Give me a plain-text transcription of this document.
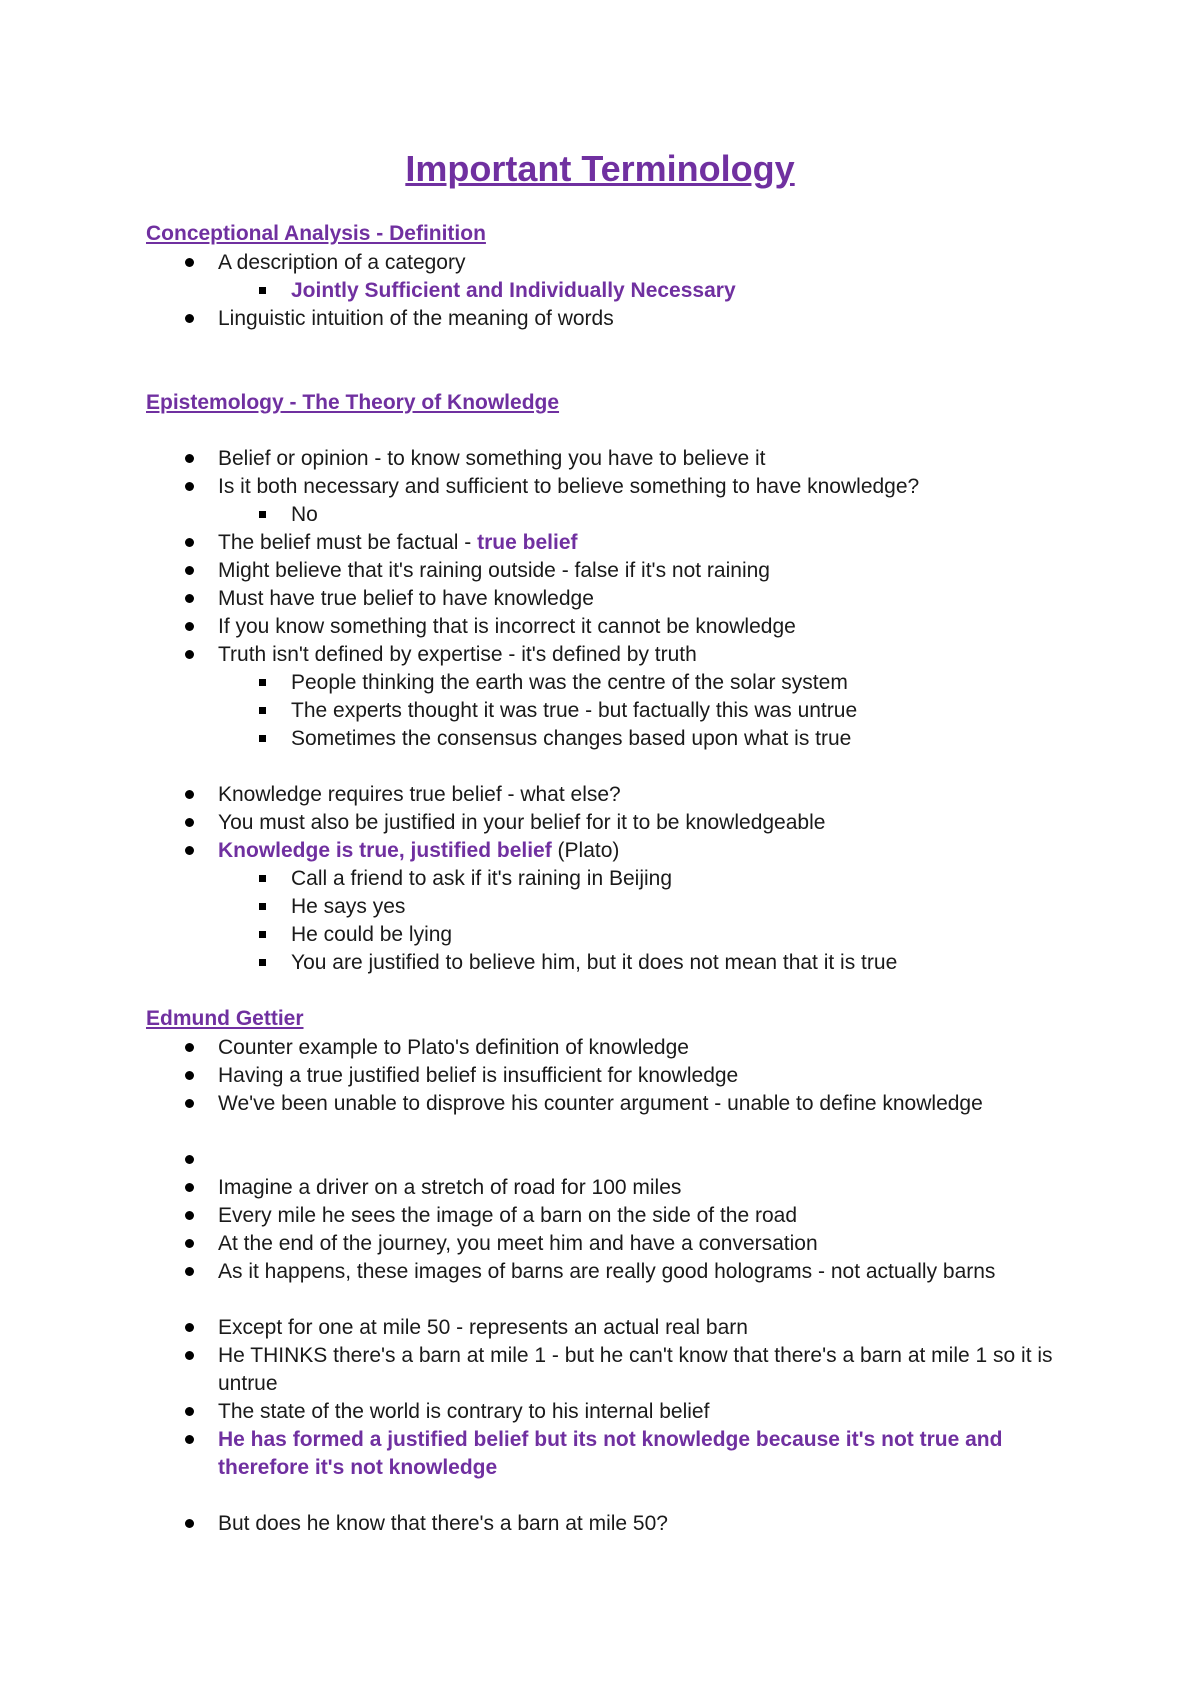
Important Terminology
Conceptional Analysis - Definition
A description of a category
Jointly Sufficient and Individually Necessary
Linguistic intuition of the meaning of words
Epistemology - The Theory of Knowledge
Belief or opinion - to know something you have to believe it
Is it both necessary and sufficient to believe something to have knowledge?
No
The belief must be factual - true belief
Might believe that it's raining outside - false if it's not raining
Must have true belief to have knowledge
If you know something that is incorrect it cannot be knowledge
Truth isn't defined by expertise - it's defined by truth
People thinking the earth was the centre of the solar system
The experts thought it was true - but factually this was untrue
Sometimes the consensus changes based upon what is true
Knowledge requires true belief - what else?
You must also be justified in your belief for it to be knowledgeable
Knowledge is true, justified belief (Plato)
Call a friend to ask if it's raining in Beijing
He says yes
He could be lying
You are justified to believe him, but it does not mean that it is true
Edmund Gettier
Counter example to Plato's definition of knowledge
Having a true justified belief is insufficient for knowledge
We've been unable to disprove his counter argument - unable to define knowledge
Imagine a driver on a stretch of road for 100 miles
Every mile he sees the image of a barn on the side of the road
At the end of the journey, you meet him and have a conversation
As it happens, these images of barns are really good holograms - not actually barns
Except for one at mile 50 - represents an actual real barn
He THINKS there's a barn at mile 1 - but he can't know that there's a barn at mile 1 so it is untrue
The state of the world is contrary to his internal belief
He has formed a justified belief but its not knowledge because it's not true and therefore it's not knowledge
But does he know that there's a barn at mile 50?
